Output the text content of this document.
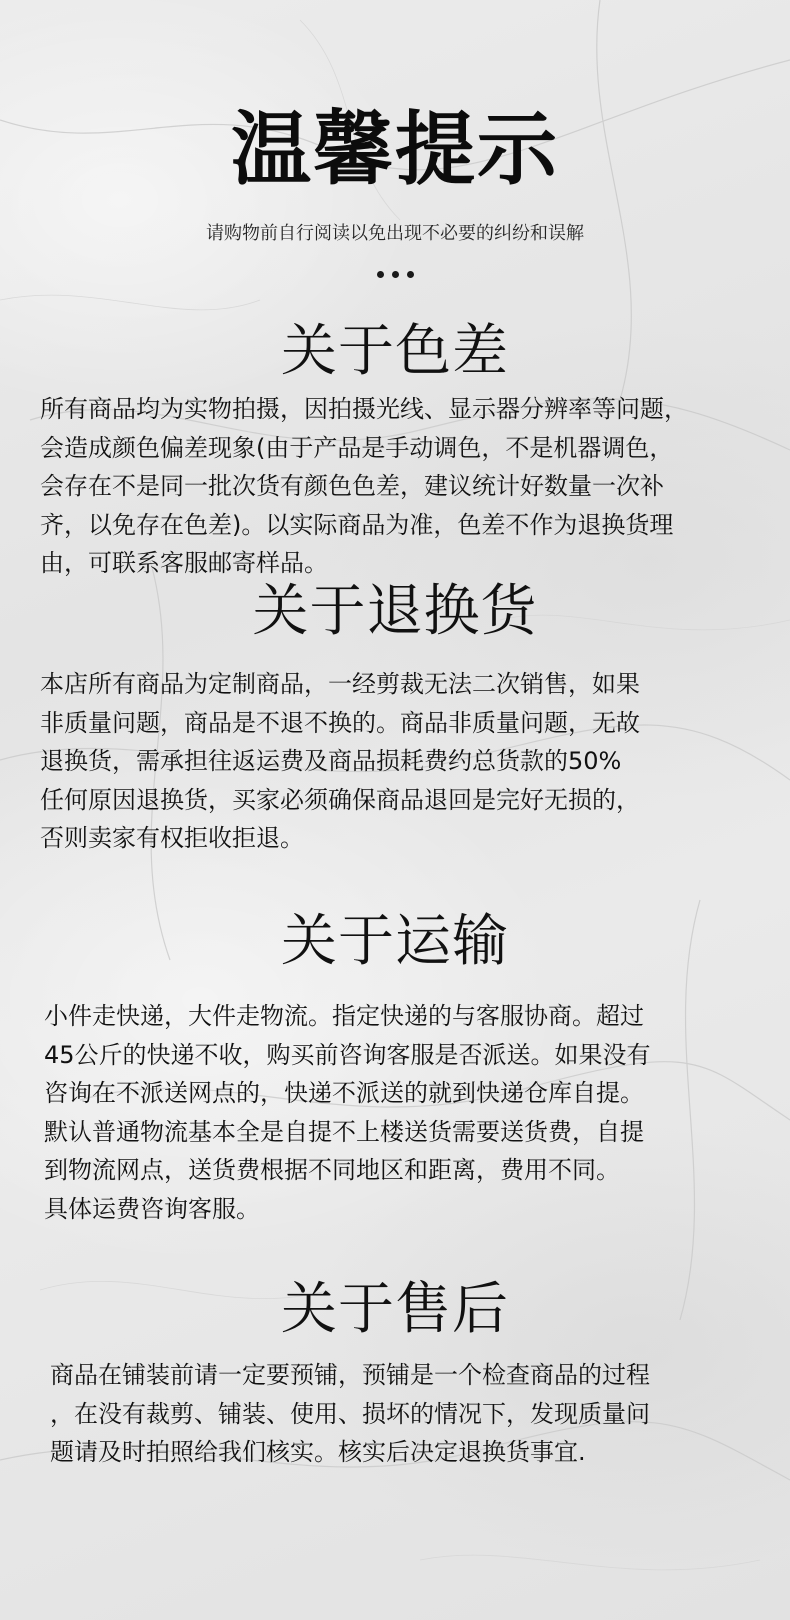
温馨提示
请购物前自行阅读以免出现不必要的纠纷和误解
关于色差
所有商品均为实物拍摄，因拍摄光线、显示器分辨率等问题，
会造成颜色偏差现象(由于产品是手动调色，不是机器调色，
会存在不是同一批次货有颜色色差，建议统计好数量一次补
齐，以免存在色差)。以实际商品为准，色差不作为退换货理
由，可联系客服邮寄样品。
关于退换货
本店所有商品为定制商品，一经剪裁无法二次销售，如果
非质量问题，商品是不退不换的。商品非质量问题，无故
退换货，需承担往返运费及商品损耗费约总货款的50%
任何原因退换货，买家必须确保商品退回是完好无损的，
否则卖家有权拒收拒退。
关于运输
小件走快递，大件走物流。指定快递的与客服协商。超过
45公斤的快递不收，购买前咨询客服是否派送。如果没有
咨询在不派送网点的，快递不派送的就到快递仓库自提。
默认普通物流基本全是自提不上楼送货需要送货费，自提
到物流网点，送货费根据不同地区和距离，费用不同。
具体运费咨询客服。
关于售后
商品在铺装前请一定要预铺，预铺是一个检查商品的过程
，在没有裁剪、铺装、使用、损坏的情况下，发现质量问
题请及时拍照给我们核实。核实后决定退换货事宜.
